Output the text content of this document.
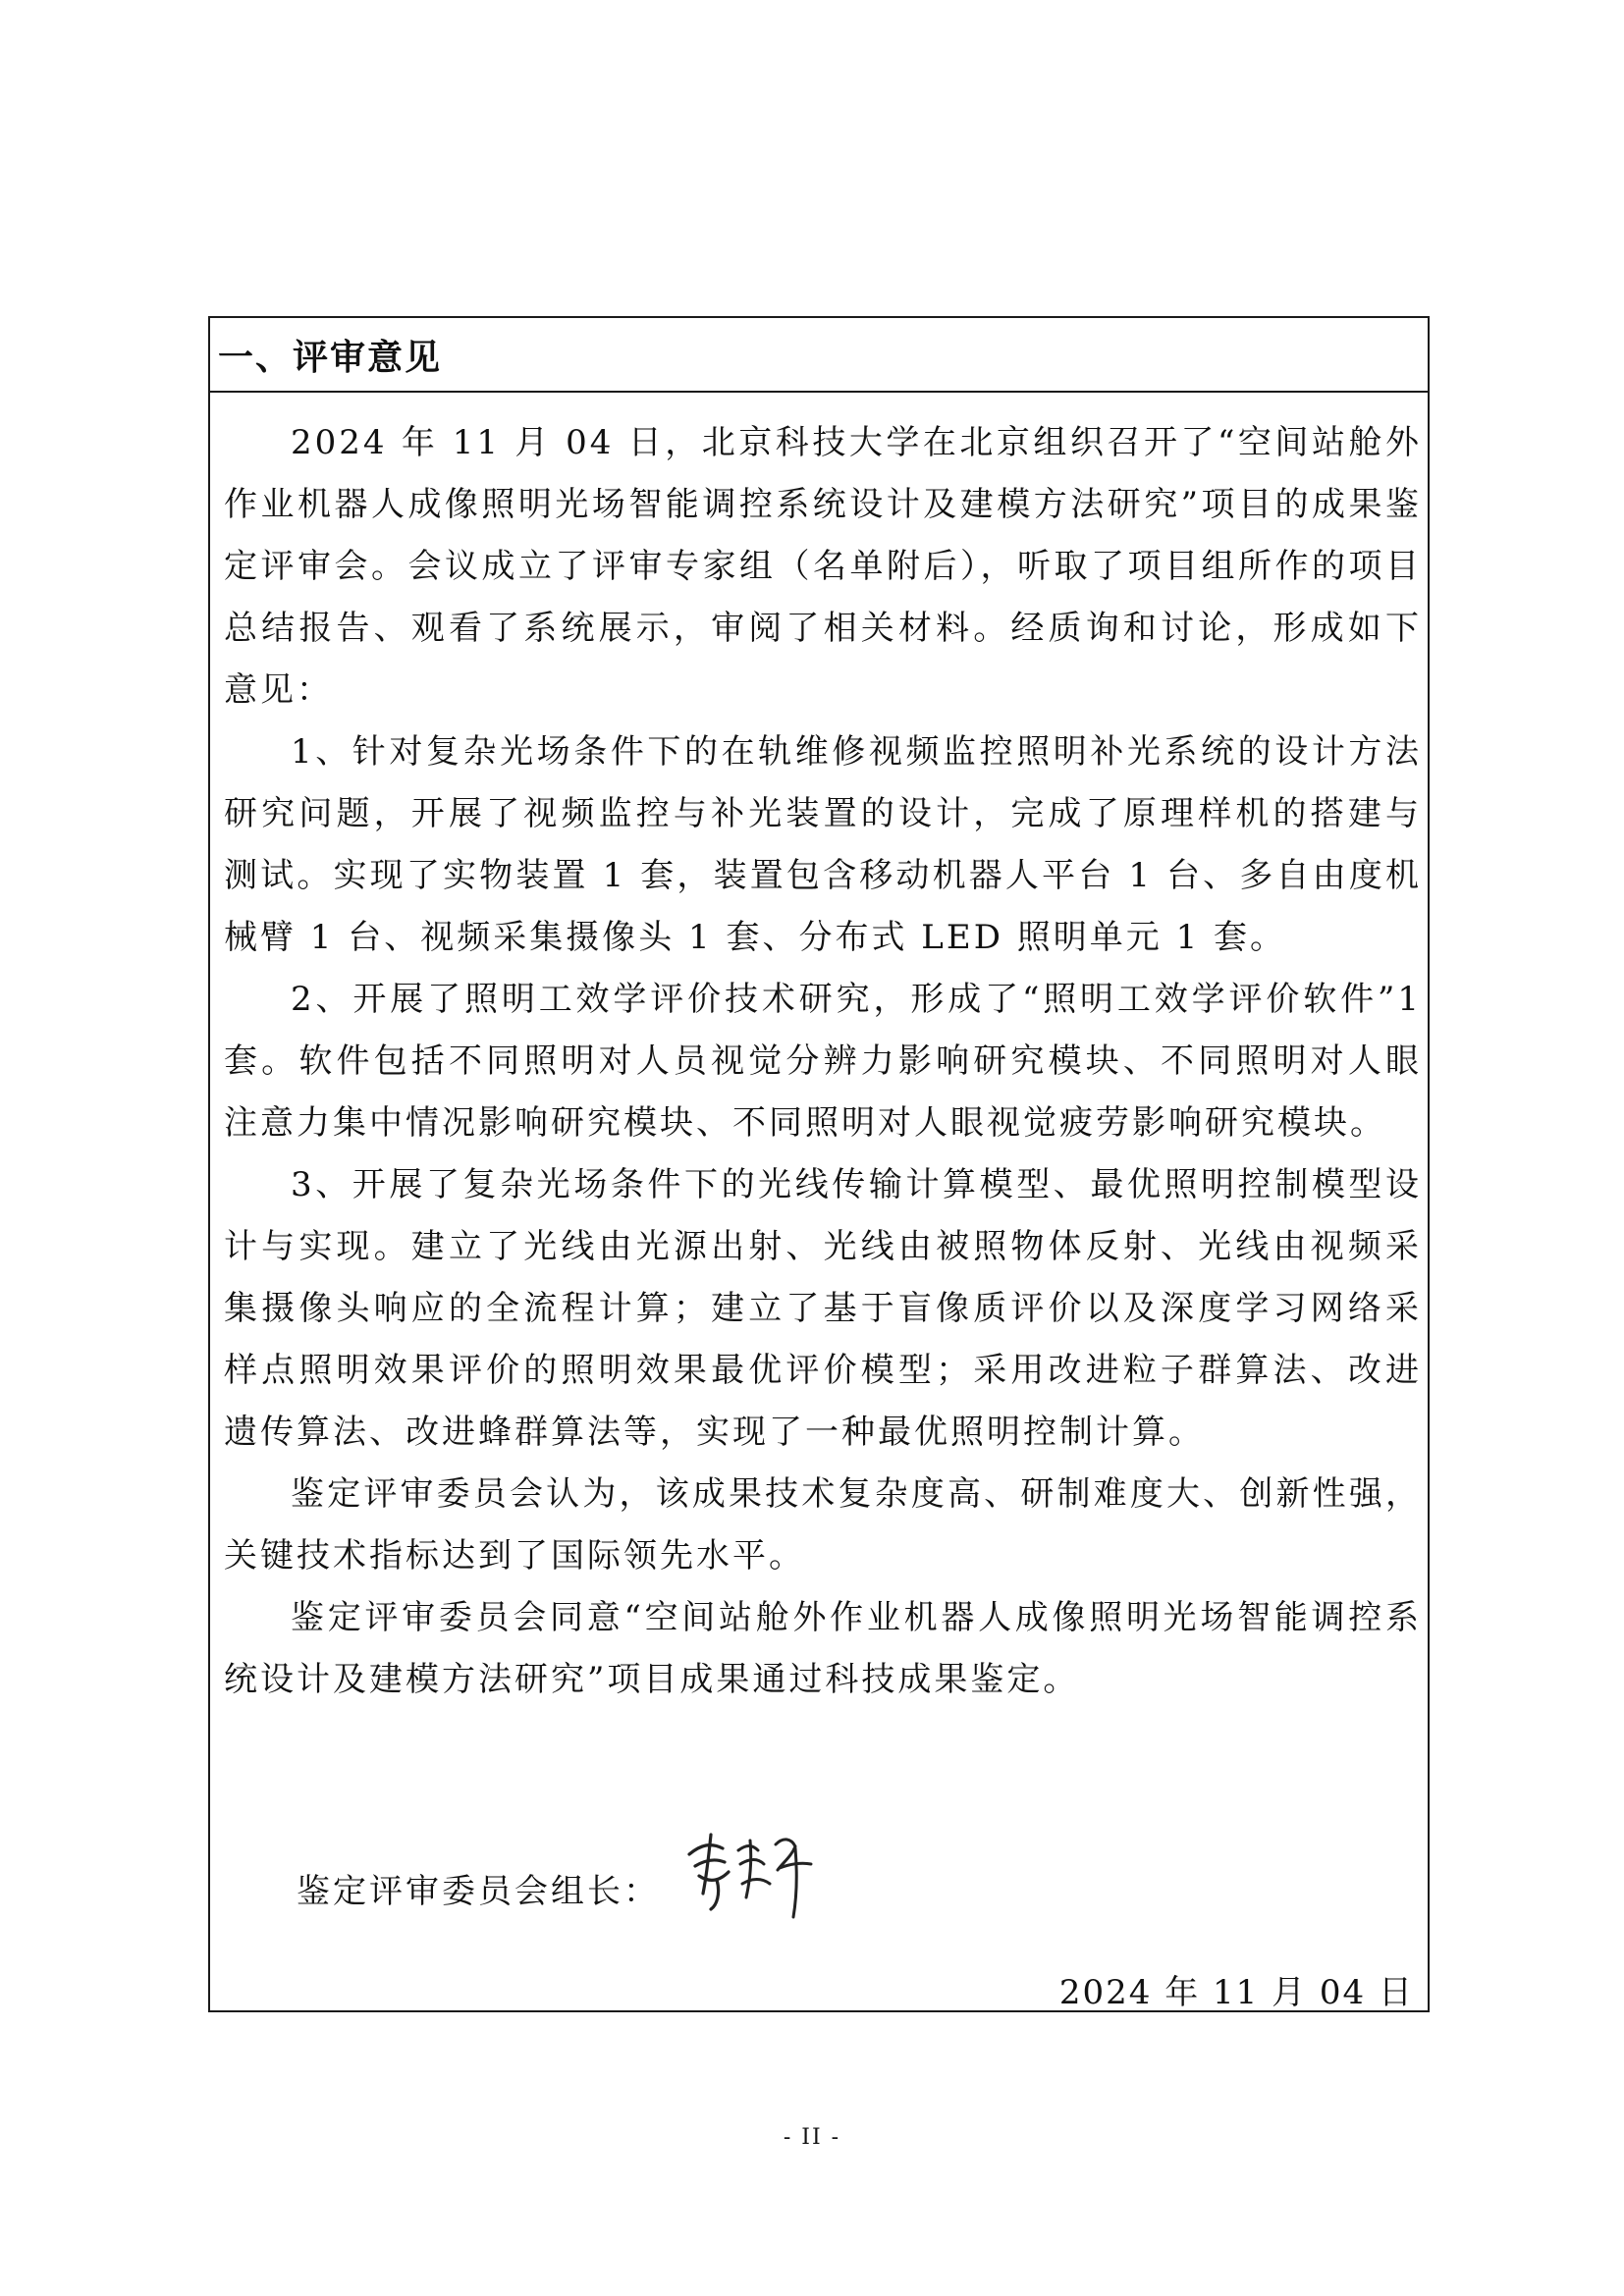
一、评审意见

2024 年 11 月 04 日，北京科技大学在北京组织召开了“空间站舱外作业机器人成像照明光场智能调控系统设计及建模方法研究”项目的成果鉴定评审会。会议成立了评审专家组（名单附后），听取了项目组所作的项目总结报告、观看了系统展示，审阅了相关材料。经质询和讨论，形成如下意见：

1、针对复杂光场条件下的在轨维修视频监控照明补光系统的设计方法研究问题，开展了视频监控与补光装置的设计，完成了原理样机的搭建与测试。实现了实物装置 1 套，装置包含移动机器人平台 1 台、多自由度机械臂 1 台、视频采集摄像头 1 套、分布式 LED 照明单元 1 套。

2、开展了照明工效学评价技术研究，形成了“照明工效学评价软件”1 套。软件包括不同照明对人员视觉分辨力影响研究模块、不同照明对人眼注意力集中情况影响研究模块、不同照明对人眼视觉疲劳影响研究模块。

3、开展了复杂光场条件下的光线传输计算模型、最优照明控制模型设计与实现。建立了光线由光源出射、光线由被照物体反射、光线由视频采集摄像头响应的全流程计算；建立了基于盲像质评价以及深度学习网络采样点照明效果评价的照明效果最优评价模型；采用改进粒子群算法、改进遗传算法、改进蜂群算法等，实现了一种最优照明控制计算。

鉴定评审委员会认为，该成果技术复杂度高、研制难度大、创新性强，关键技术指标达到了国际领先水平。

鉴定评审委员会同意“空间站舱外作业机器人成像照明光场智能调控系统设计及建模方法研究”项目成果通过科技成果鉴定。

鉴定评审委员会组长：
2024 年 11 月 04 日
- II -
